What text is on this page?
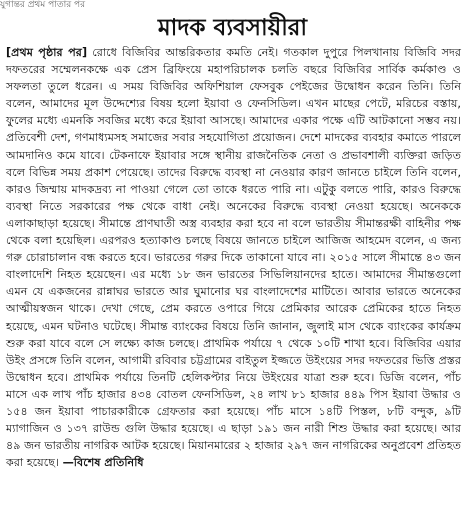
যুগান্তর প্রথম পাতার পর
মাদক ব্যবসায়ীরা

[প্রথম পৃষ্ঠার পর] রোধে বিজিবির আন্তরিকতার কমতি নেই। গতকাল দুপুরে পিলখানায় বিজিবি সদর দফতরের সম্মেলনকক্ষে এক প্রেস ব্রিফিংয়ে মহাপরিচালক চলতি বছরে বিজিবির সার্বিক কর্মকাণ্ড ও সফলতা তুলে ধরেন। এ সময় বিজিবির অফিশিয়াল ফেসবুক পেইজের উদ্বোধন করেন তিনি। তিনি বলেন, আমাদের মূল উদ্দেশ্যের বিষয় হলো ইয়াবা ও ফেনসিডিল। এখন মাছের পেটে, মরিচের বস্তায়, ফুলের মধ্যে এমনকি সবজির মধ্যে করে ইয়াবা আসছে। আমাদের একার পক্ষে এটি আটকানো সম্ভব নয়। প্রতিবেশী দেশ, গণমাধ্যমসহ সমাজের সবার সহযোগিতা প্রয়োজন। দেশে মাদকের ব্যবহার কমাতে পারলে আমদানিও কমে যাবে। টেকনাফে ইয়াবার সঙ্গে স্থানীয় রাজনৈতিক নেতা ও প্রভাবশালী ব্যক্তিরা জড়িত বলে বিভিন্ন সময় প্রকাশ পেয়েছে। তাদের বিরুদ্ধে ব্যবস্থা না নেওয়ার কারণ জানতে চাইলে তিনি বলেন, কারও জিম্মায় মাদকদ্রব্য না পাওয়া গেলে তো তাকে ধরতে পারি না। এটুকু বলতে পারি, কারও বিরুদ্ধে ব্যবস্থা নিতে সরকারের পক্ষ থেকে বাধা নেই। অনেকের বিরুদ্ধে ব্যবস্থা নেওয়া হয়েছে। অনেককে এলাকাছাড়া হয়েছে। সীমান্তে প্রাণঘাতী অস্ত্র ব্যবহার করা হবে না বলে ভারতীয় সীমান্তরক্ষী বাহিনীর পক্ষ থেকে বলা হয়েছিল। এরপরও হত্যাকাণ্ড চলছে বিষয়ে জানতে চাইলে আজিজ আহমেদ বলেন, এ জন্য গরু চোরাচালান বন্ধ করতে হবে। ভারতের গরুর দিকে তাকানো যাবে না। ২০১৫ সালে সীমান্তে ৪৩ জন বাংলাদেশি নিহত হয়েছেন। এর মধ্যে ১৮ জন ভারতের সিভিলিয়ানদের হাতে। আমাদের সীমান্তগুলো এমন যে একজনের রান্নাঘর ভারতে আর ঘুমানোর ঘর বাংলাদেশের মাটিতে। আবার ভারতে অনেকের আত্মীয়স্বজন থাকে। দেখা গেছে, প্রেম করতে ওপারে গিয়ে প্রেমিকার আরেক প্রেমিকের হাতে নিহত হয়েছে, এমন ঘটনাও ঘটেছে। সীমান্ত ব্যাংকের বিষয়ে তিনি জানান, জুলাই মাস থেকে ব্যাংকের কার্যক্রম শুরু করা যাবে বলে সে লক্ষ্যে কাজ চলছে। প্রাথমিক পর্যায়ে ৭ থেকে ১০টি শাখা হবে। বিজিবির এয়ার উইং প্রসঙ্গে তিনি বলেন, আগামী রবিবার চট্টগ্রামের বাইতুল ইজ্জতে উইংয়ের সদর দফতরের ভিত্তি প্রস্তর উদ্বোধন হবে। প্রাথমিক পর্যায়ে তিনটি হেলিকপ্টার নিয়ে উইংয়ের যাত্রা শুরু হবে। ডিজি বলেন, পাঁচ মাসে এক লাখ পাঁচ হাজার ৪৩৪ বোতল ফেনসিডিল, ২৪ লাখ ৮১ হাজার ৪৪৯ পিস ইয়াবা উদ্ধার ও ১৫৪ জন ইয়াবা পাচারকারীকে গ্রেফতার করা হয়েছে। পাঁচ মাসে ১৪টি পিস্তল, ৮টি বন্দুক, ৯টি ম্যাগাজিন ও ১৩৭ রাউন্ড গুলি উদ্ধার হয়েছে। এ ছাড়া ১৯১ জন নারী শিশু উদ্ধার করা হয়েছে। আর ৪৯ জন ভারতীয় নাগরিক আটক হয়েছে। মিয়ানমারের ২ হাজার ২৯৭ জন নাগরিকের অনুপ্রবেশ প্রতিহত করা হয়েছে। —বিশেষ প্রতিনিধি
